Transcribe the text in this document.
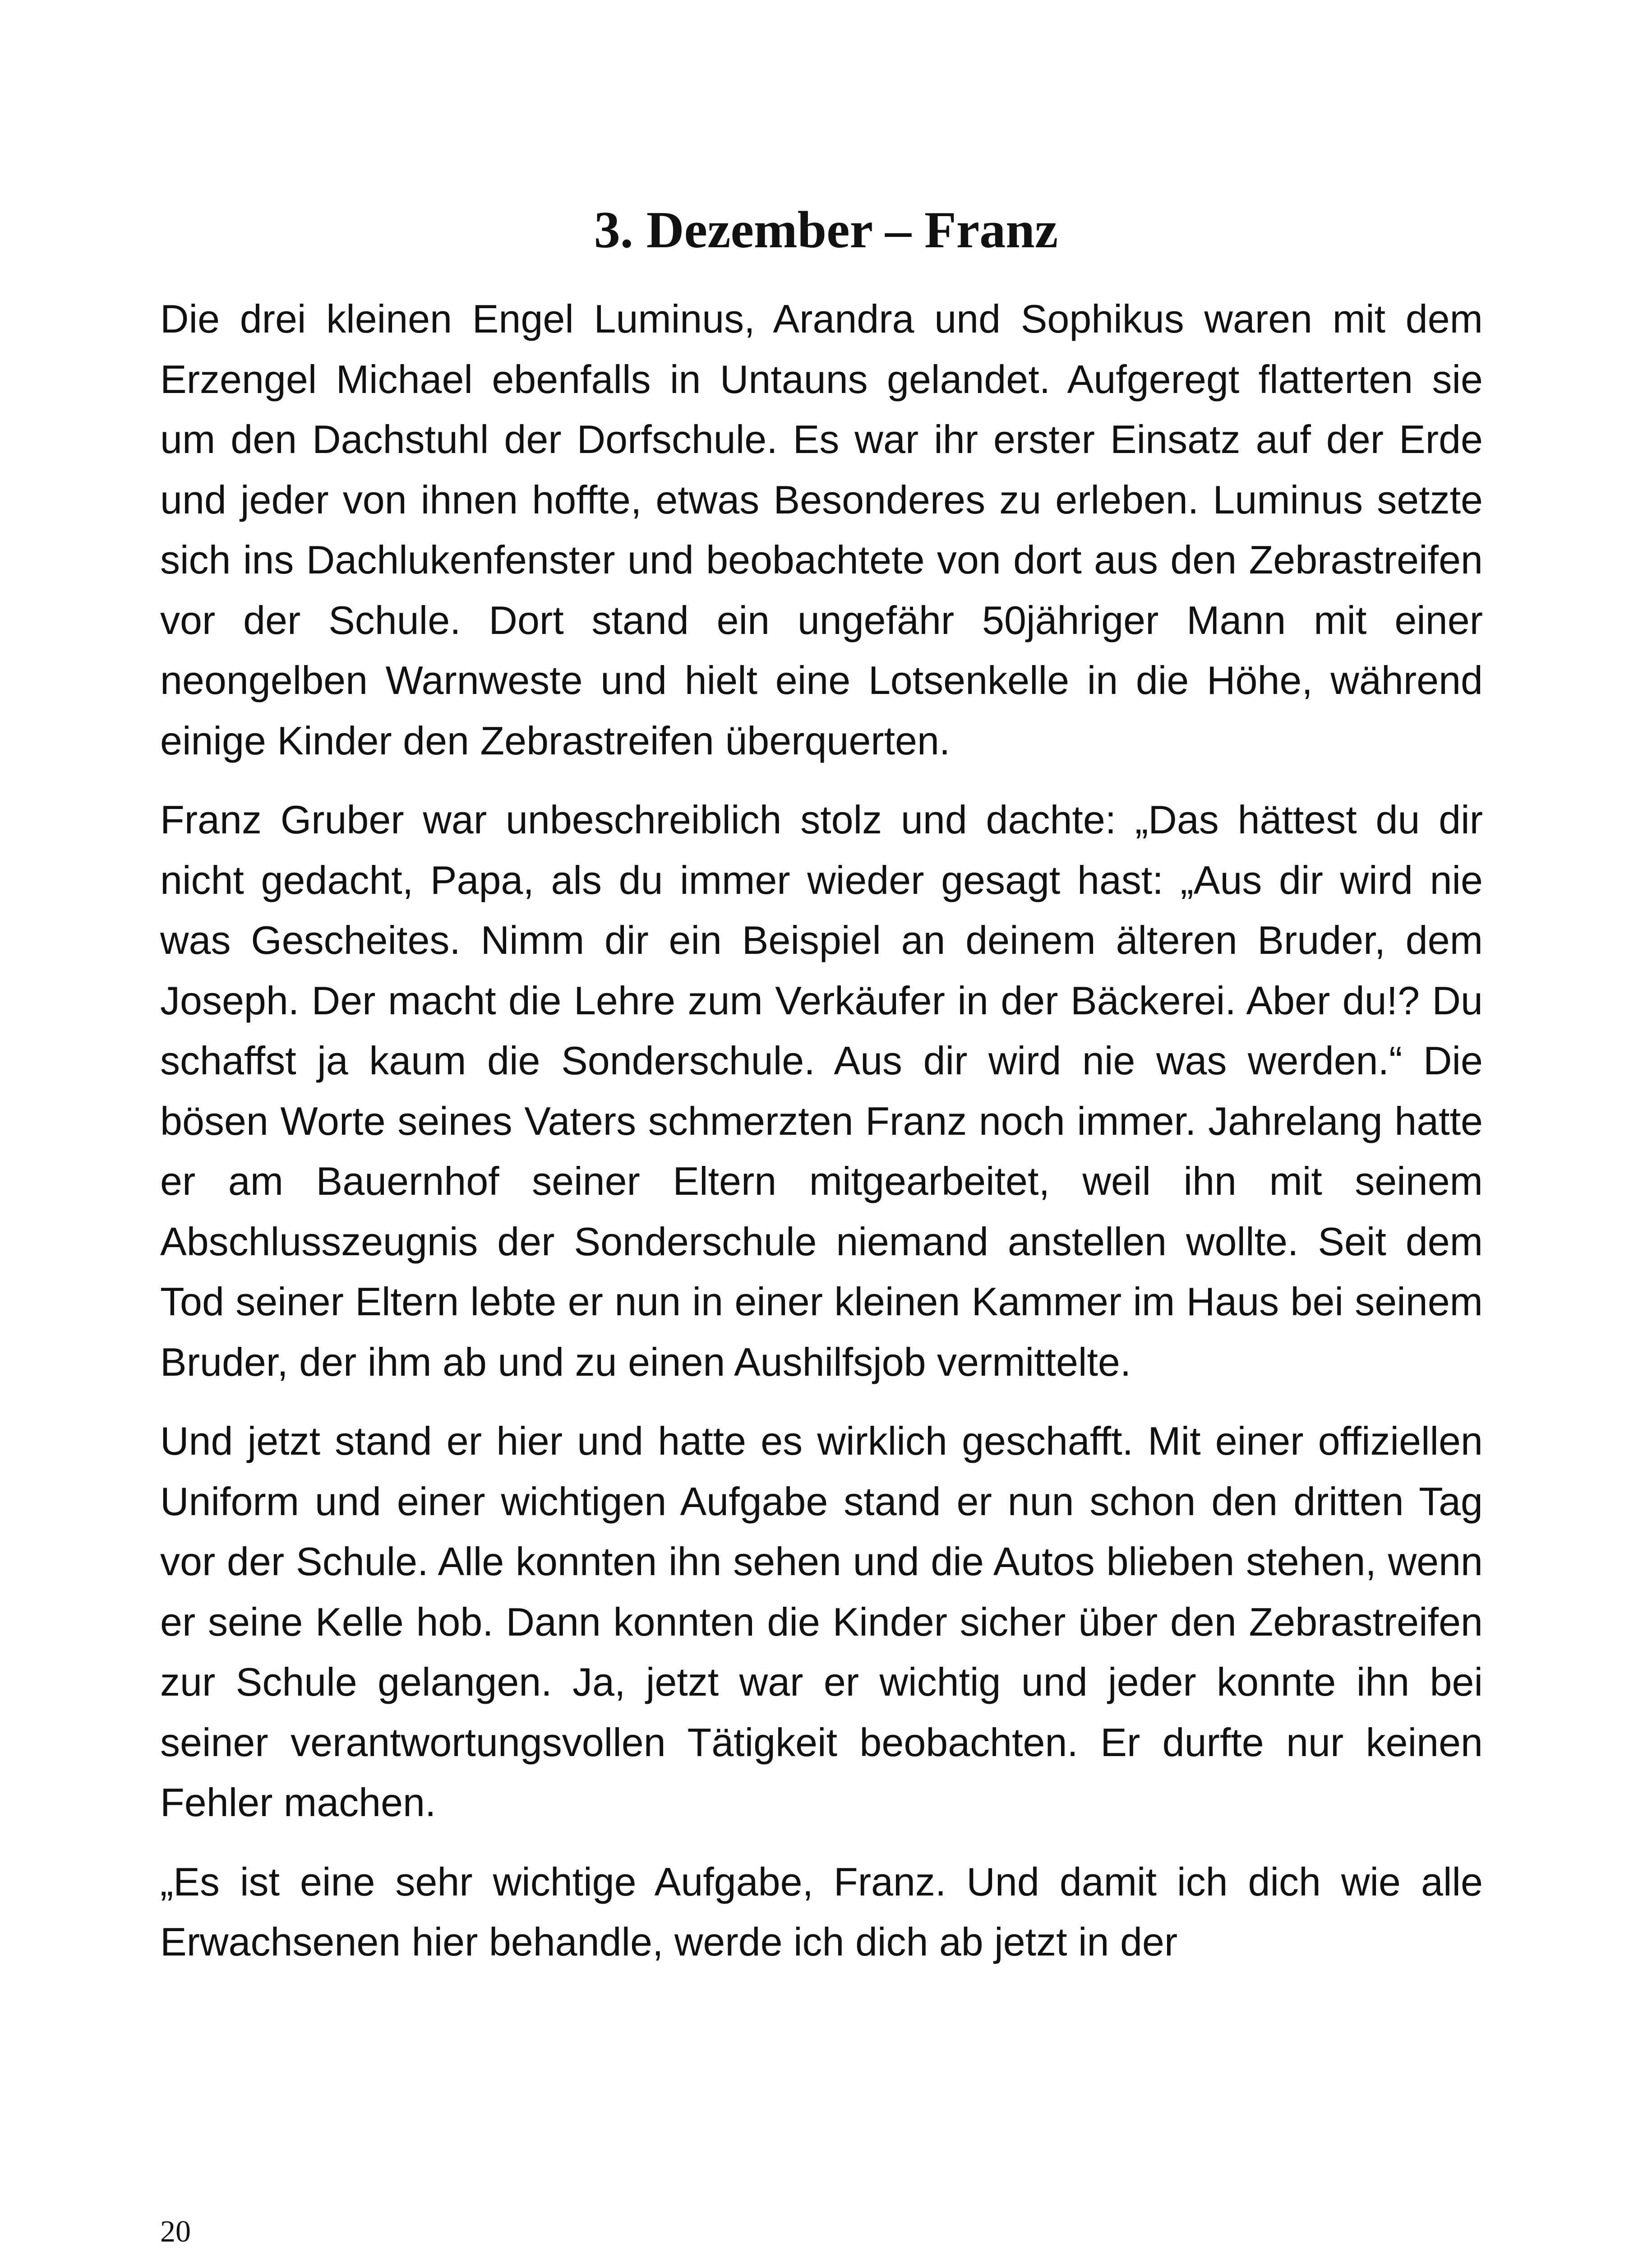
3. Dezember – Franz

Die drei kleinen Engel Luminus, Arandra und Sophikus waren mit dem Erzengel Michael ebenfalls in Untauns gelandet. Aufgeregt flatterten sie um den Dachstuhl der Dorfschule. Es war ihr erster Einsatz auf der Erde und jeder von ihnen hoffte, etwas Besonderes zu erleben. Luminus setzte sich ins Dachlukenfenster und beobachtete von dort aus den Zebrastreifen vor der Schule. Dort stand ein ungefähr 50jähriger Mann mit einer neongelben Warnweste und hielt eine Lotsenkelle in die Höhe, während einige Kinder den Zebrastreifen überquerten.

Franz Gruber war unbeschreiblich stolz und dachte: „Das hättest du dir nicht gedacht, Papa, als du immer wieder gesagt hast: „Aus dir wird nie was Gescheites. Nimm dir ein Beispiel an deinem älteren Bruder, dem Joseph. Der macht die Lehre zum Verkäufer in der Bäckerei. Aber du!? Du schaffst ja kaum die Sonderschule. Aus dir wird nie was werden.“ Die bösen Worte seines Vaters schmerzten Franz noch immer. Jahrelang hatte er am Bauernhof seiner Eltern mitgearbeitet, weil ihn mit seinem Abschlusszeugnis der Sonderschule niemand anstellen wollte. Seit dem Tod seiner Eltern lebte er nun in einer kleinen Kammer im Haus bei seinem Bruder, der ihm ab und zu einen Aushilfsjob vermittelte.

Und jetzt stand er hier und hatte es wirklich geschafft. Mit einer offiziellen Uniform und einer wichtigen Aufgabe stand er nun schon den dritten Tag vor der Schule. Alle konnten ihn sehen und die Autos blieben stehen, wenn er seine Kelle hob. Dann konnten die Kinder sicher über den Zebrastreifen zur Schule gelangen. Ja, jetzt war er wichtig und jeder konnte ihn bei seiner verantwortungsvollen Tätigkeit beobachten. Er durfte nur keinen Fehler machen.

„Es ist eine sehr wichtige Aufgabe, Franz. Und damit ich dich wie alle Erwachsenen hier behandle, werde ich dich ab jetzt in der

20
